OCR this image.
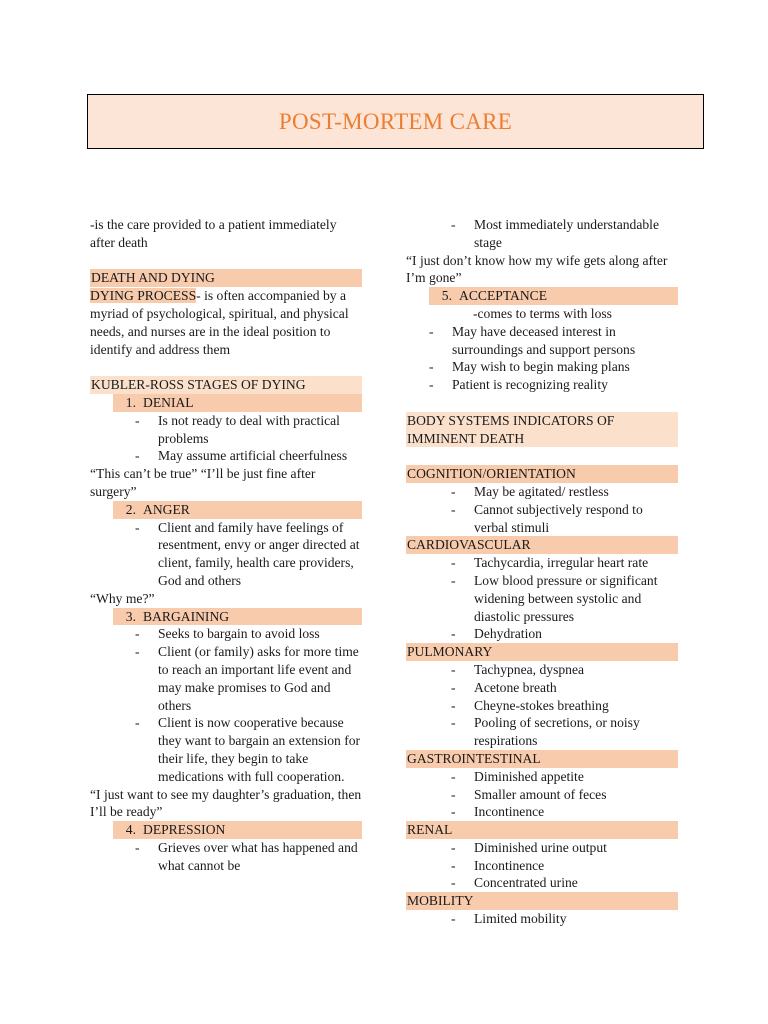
POST-MORTEM CARE

-is the care provided to a patient immediately after death

DEATH AND DYING

DYING PROCESS- is often accompanied by a myriad of psychological, spiritual, and physical needs, and nurses are in the ideal position to identify and address them

KUBLER-ROSS STAGES OF DYING
1. DENIAL
-	Is not ready to deal with practical problems
-	May assume artificial cheerfulness

“This can’t be true” “I’ll be just fine after surgery”

2. ANGER
-	Client and family have feelings of resentment, envy or anger directed at client, family, health care providers, God and others

“Why me?”

3. BARGAINING
-	Seeks to bargain to avoid loss
-	Client (or family) asks for more time to reach an important life event and may make promises to God and others
-	Client is now cooperative because they want to bargain an extension for their life, they begin to take medications with full cooperation.

“I just want to see my daughter’s graduation, then I’ll be ready”

4. DEPRESSION
-	Grieves over what has happened and what cannot be
-	Most immediately understandable stage

“I just don’t know how my wife gets along after I’m gone”

5. ACCEPTANCE

-comes to terms with loss

-	May have deceased interest in surroundings and support persons
-	May wish to begin making plans
-	Patient is recognizing reality
BODY SYSTEMS INDICATORS OF IMMINENT DEATH
COGNITION/ORIENTATION
-	May be agitated/ restless
-	Cannot subjectively respond to verbal stimuli
CARDIOVASCULAR
-	Tachycardia, irregular heart rate
-	Low blood pressure or significant widening between systolic and diastolic pressures
-	Dehydration
PULMONARY
-	Tachypnea, dyspnea
-	Acetone breath
-	Cheyne-stokes breathing
-	Pooling of secretions, or noisy respirations
GASTROINTESTINAL
-	Diminished appetite
-	Smaller amount of feces
-	Incontinence
RENAL
-	Diminished urine output
-	Incontinence
-	Concentrated urine
MOBILITY
-	Limited mobility
